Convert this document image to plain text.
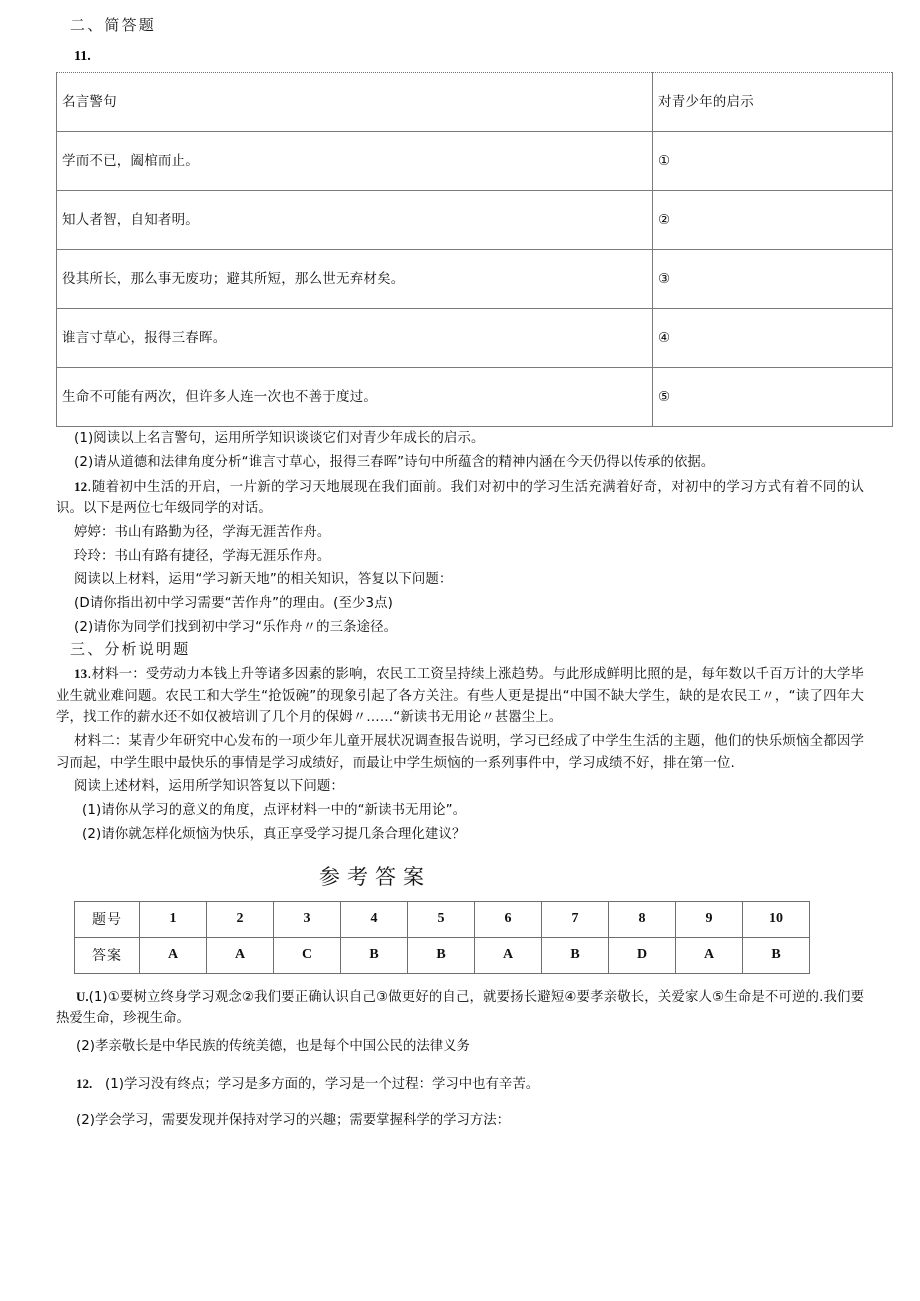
二、简答题
11.
名言警句	对青少年的启示
学而不已，阖棺而止。	①
知人者智，自知者明。	②
役其所长，那么事无废功；避其所短，那么世无弃材矣。	③
谁言寸草心，报得三春晖。	④
生命不可能有两次，但许多人连一次也不善于度过。	⑤

(1)阅读以上名言警句，运用所学知识谈谈它们对青少年成长的启示。

(2)请从道德和法律角度分析“谁言寸草心，报得三春晖”诗句中所蕴含的精神内涵在今天仍得以传承的依据。

12.随着初中生活的开启，一片新的学习天地展现在我们面前。我们对初中的学习生活充满着好奇，对初中的学习方式有着不同的认识。以下是两位七年级同学的对话。

婷婷：书山有路勤为径，学海无涯苦作舟。

玲玲：书山有路有捷径，学海无涯乐作舟。

阅读以上材料，运用“学习新天地”的相关知识，答复以下问题：

(D请你指出初中学习需要“苦作舟”的理由。(至少3点)

(2)请你为同学们找到初中学习“乐作舟〃的三条途径。

三、分析说明题

13.材料一：受劳动力本钱上升等诸多因素的影响，农民工工资呈持续上涨趋势。与此形成鲜明比照的是，每年数以千百万计的大学毕业生就业难问题。农民工和大学生“抢饭碗”的现象引起了各方关注。有些人更是提出“中国不缺大学生，缺的是农民工〃，“读了四年大学，找工作的薪水还不如仅被培训了几个月的保姆〃……“新读书无用论〃甚嚣尘上。

材料二：某青少年研究中心发布的一项少年儿童开展状况调查报告说明，学习已经成了中学生生活的主题，他们的快乐烦恼全都因学习而起，中学生眼中最快乐的事情是学习成绩好，而最让中学生烦恼的一系列事件中，学习成绩不好，排在第一位.

阅读上述材料，运用所学知识答复以下问题：

(1)请你从学习的意义的角度，点评材料一中的“新读书无用论”。

(2)请你就怎样化烦恼为快乐，真正享受学习提几条合理化建议？

参考答案
题号	1	2	3	4	5	6	7	8	9	10
答案	A	A	C	B	B	A	B	D	A	B

U.(1)①要树立终身学习观念②我们要正确认识自己③做更好的自己，就要扬长避短④要孝亲敬长，关爱家人⑤生命是不可逆的.我们要热爱生命，珍视生命。

(2)孝亲敬长是中华民族的传统美德，也是每个中国公民的法律义务

12. (1)学习没有终点；学习是多方面的，学习是一个过程：学习中也有辛苦。

(2)学会学习，需要发现并保持对学习的兴趣；需要掌握科学的学习方法：
